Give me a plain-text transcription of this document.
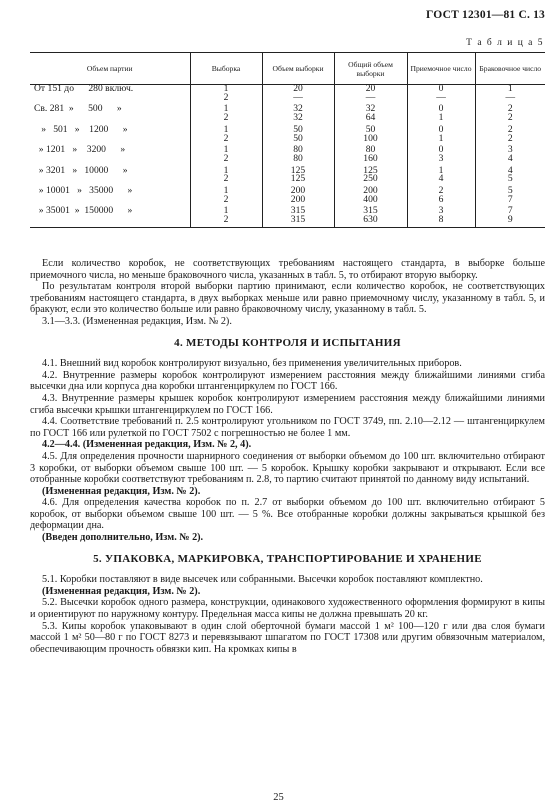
ГОСТ 12301—81 С. 13
Т а б л и ц а 5
Объем партии	Выборка	Объем выборки	Общий объем выборки	Приемочное число	Браковочное число
От 151 до      280 включ.	1	20	20	0	1
	2	—	—	—	—
Св. 281  »      500      »	1	32	32	0	2
	2	32	64	1	2
»   501   »    1200      »	1	50	50	0	2
	2	50	100	1	2
» 1201   »    3200      »	1	80	80	0	3
	2	80	160	3	4
» 3201   »   10000      »	1	125	125	1	4
	2	125	250	4	5
» 10001   »   35000      »	1	200	200	2	5
	2	200	400	6	7
» 35001  »  150000      »	1	315	315	3	7
	2	315	630	8	9

Если количество коробок, не соответствующих требованиям настоящего стандарта, в выборке больше приемочного числа, но меньше браковочного числа, указанных в табл. 5, то отбирают вторую выборку.

По результатам контроля второй выборки партию принимают, если количество коробок, не соответствующих требованиям настоящего стандарта, в двух выборках меньше или равно приемочному числу, указанному в табл. 5, и бракуют, если это количество больше или равно браковочному числу, указанному в табл. 5.

3.1—3.3. (Измененная редакция, Изм. № 2).

4. МЕТОДЫ КОНТРОЛЯ И ИСПЫТАНИЯ

4.1. Внешний вид коробок контролируют визуально, без применения увеличительных приборов.

4.2. Внутренние размеры коробок контролируют измерением расстояния между ближайшими линиями сгиба высечки дна или корпуса дна коробки штангенциркулем по ГОСТ 166.

4.3. Внутренние размеры крышек коробок контролируют измерением расстояния между ближайшими линиями сгиба высечки крышки штангенциркулем по ГОСТ 166.

4.4. Соответствие требований п. 2.5 контролируют угольником по ГОСТ 3749, пп. 2.10—2.12 — штангенциркулем по ГОСТ 166 или рулеткой по ГОСТ 7502 с погрешностью не более 1 мм.

4.2—4.4. (Измененная редакция, Изм. № 2, 4).

4.5. Для определения прочности шарнирного соединения от выборки объемом до 100 шт. включительно отбирают 3 коробки, от выборки объемом свыше 100 шт. — 5 коробок. Крышку коробки закрывают и открывают. Если все отобранные коробки соответствуют требованиям п. 2.8, то партию считают принятой по данному виду испытаний.

(Измененная редакция, Изм. № 2).

4.6. Для определения качества коробок по п. 2.7 от выборки объемом до 100 шт. включительно отбирают 5 коробок, от выборки объемом свыше 100 шт. — 5 %. Все отобранные коробки должны закрываться крышкой без деформации дна.

(Введен дополнительно, Изм. № 2).

5. УПАКОВКА, МАРКИРОВКА, ТРАНСПОРТИРОВАНИЕ И ХРАНЕНИЕ

5.1. Коробки поставляют в виде высечек или собранными. Высечки коробок поставляют комплектно.

(Измененная редакция, Изм. № 2).

5.2. Высечки коробок одного размера, конструкции, одинакового художественного оформления формируют в кипы и ориентируют по наружному контуру. Предельная масса кипы не должна превышать 20 кг.

5.3. Кипы коробок упаковывают в один слой оберточной бумаги массой 1 м² 100—120 г или два слоя бумаги массой 1 м² 50—80 г по ГОСТ 8273 и перевязывают шпагатом по ГОСТ 17308 или другим обвязочным материалом, обеспечивающим прочность обвязки кип. На кромках кипы в

25
